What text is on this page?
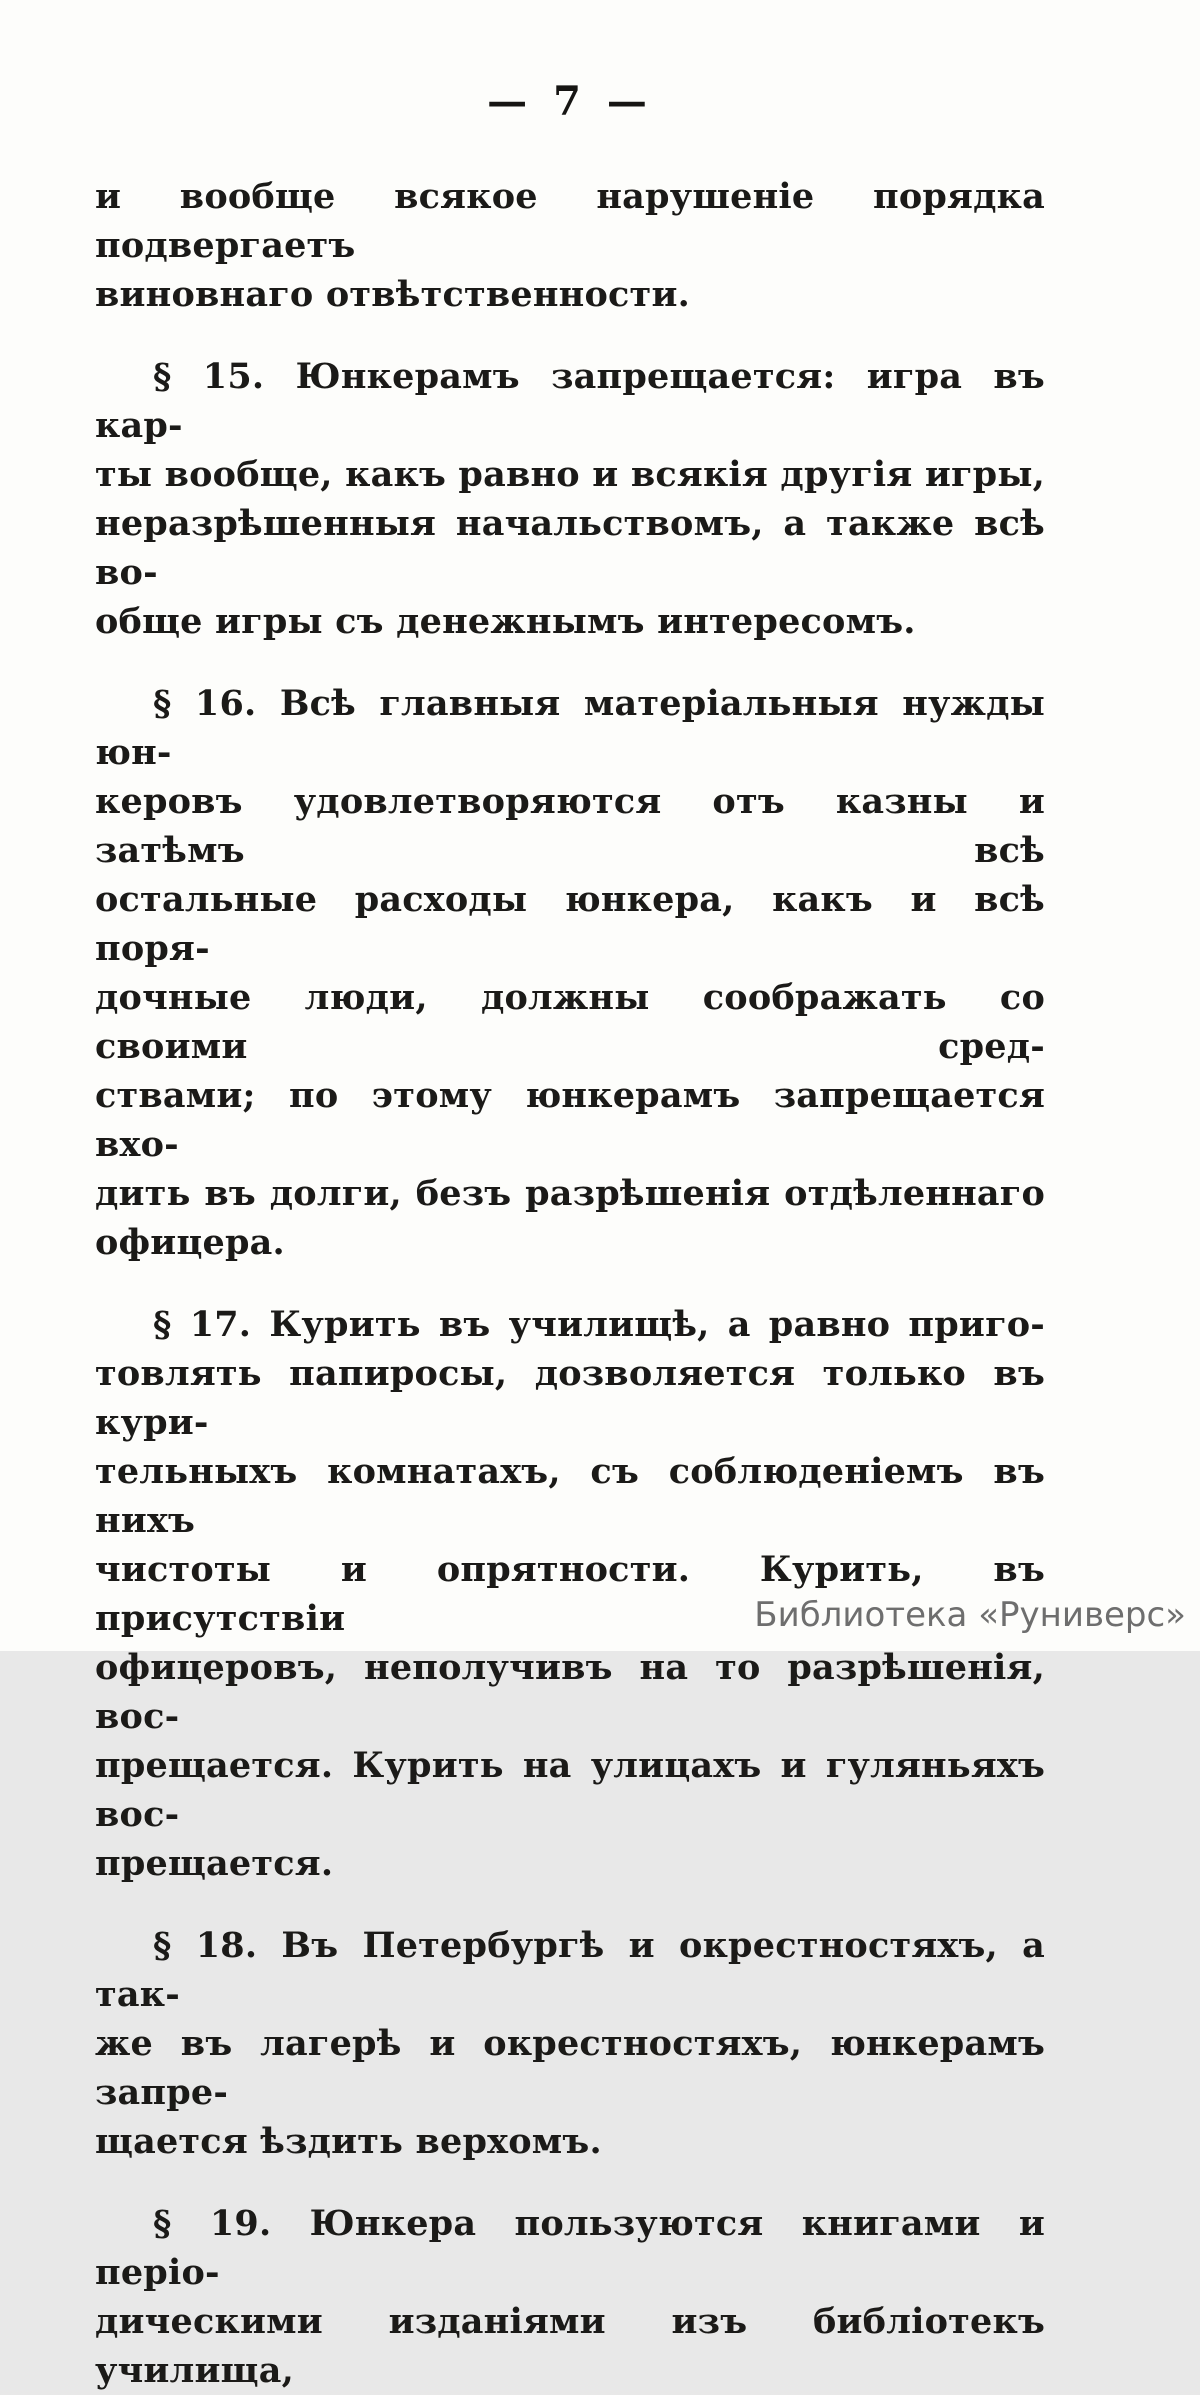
— 7 —
и вообще всякое нарушеніе порядка подвергаетъ
виновнаго отвѣтственности.
§ 15. Юнкерамъ запрещается: игра въ кар-
ты вообще, какъ равно и всякія другія игры,
неразрѣшенныя начальствомъ, а также всѣ во-
обще игры съ денежнымъ интересомъ.
§ 16. Всѣ главныя матеріальныя нужды юн-
керовъ удовлетворяются отъ казны и затѣмъ всѣ
остальные расходы юнкера, какъ и всѣ поря-
дочные люди, должны соображать со своими сред-
ствами; по этому юнкерамъ запрещается вхо-
дить въ долги, безъ разрѣшенія отдѣленнаго
офицера.
§ 17. Курить въ училищѣ, а равно приго-
товлять папиросы, дозволяется только въ кури-
тельныхъ комнатахъ, съ соблюденіемъ въ нихъ
чистоты и опрятности. Курить, въ присутствіи
офицеровъ, неполучивъ на то разрѣшенія, вос-
прещается. Курить на улицахъ и гуляньяхъ вос-
прещается.
§ 18. Въ Петербургѣ и окрестностяхъ, а так-
же въ лагерѣ и окрестностяхъ, юнкерамъ запре-
щается ѣздить верхомъ.
§ 19. Юнкера пользуются книгами и періо-
дическими изданіями изъ библіотекъ училища,
Библиотека «Руниверс»
